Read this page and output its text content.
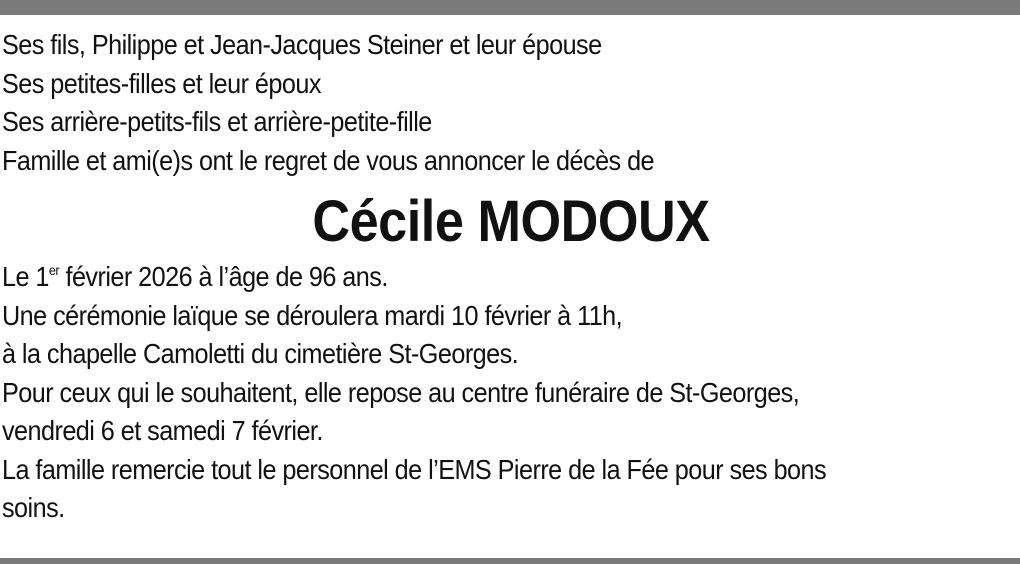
Ses fils, Philippe et Jean-Jacques Steiner et leur épouse
Ses petites-filles et leur époux
Ses arrière-petits-fils et arrière-petite-fille
Famille et ami(e)s ont le regret de vous annoncer le décès de
Cécile MODOUX
Le 1er février 2026 à l’âge de 96 ans.
Une cérémonie laïque se déroulera mardi 10 février à 11h,
à la chapelle Camoletti du cimetière St-Georges.
Pour ceux qui le souhaitent, elle repose au centre funéraire de St-Georges,
vendredi 6 et samedi 7 février.
La famille remercie tout le personnel de l’EMS Pierre de la Fée pour ses bons
soins.
